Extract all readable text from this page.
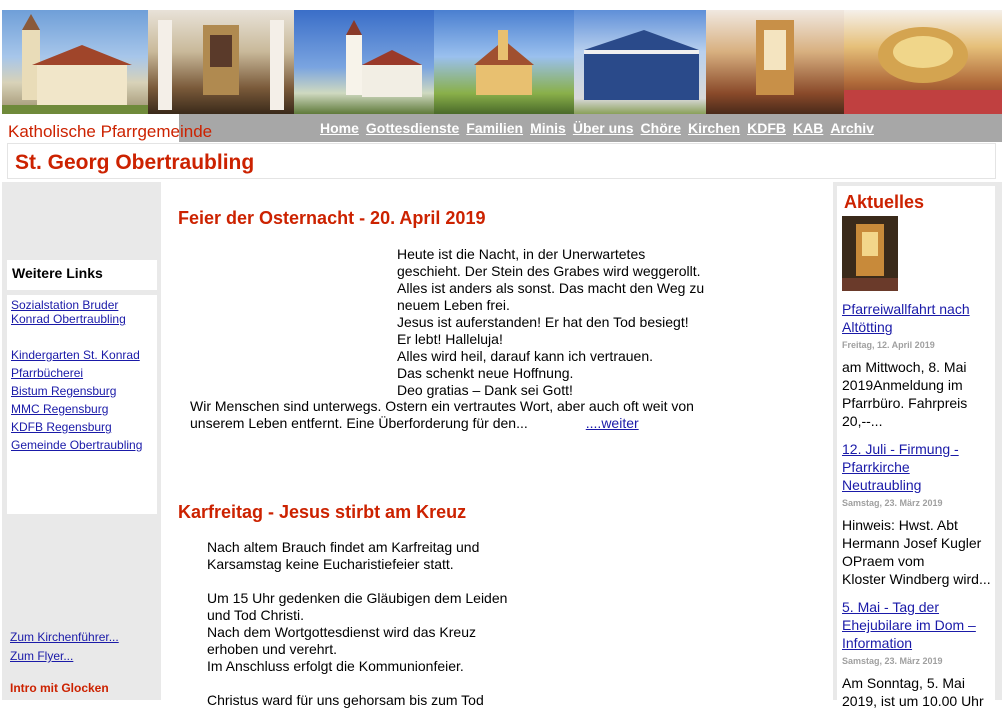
Home Gottesdienste Familien Minis Über uns Chöre Kirchen KDFB KAB Archiv
Katholische Pfarrgemeinde
St. Georg Obertraubling
Weitere Links
Sozialstation Bruder Konrad Obertraubling
Kindergarten St. Konrad
Pfarrbücherei
Bistum Regensburg
MMC Regensburg
KDFB Regensburg
Gemeinde Obertraubling
Zum Kirchenführer...
Zum Flyer...
Intro mit Glocken
Feier der Osternacht - 20. April 2019
Heute ist die Nacht, in der Unerwartetes
geschieht. Der Stein des Grabes wird weggerollt.
Alles ist anders als sonst. Das macht den Weg zu
neuem Leben frei.
Jesus ist auferstanden! Er hat den Tod besiegt!
Er lebt! Halleluja!
Alles wird heil, darauf kann ich vertrauen.
Das schenkt neue Hoffnung.
Deo gratias – Dank sei Gott!
Wir Menschen sind unterwegs. Ostern ein vertrautes Wort, aber auch oft weit von
unserem Leben entfernt. Eine Überforderung für den...	....weiter
Karfreitag - Jesus stirbt am Kreuz
Nach altem Brauch findet am Karfreitag und
Karsamstag keine Eucharistiefeier statt.
Um 15 Uhr gedenken die Gläubigen dem Leiden
und Tod Christi.
Nach dem Wortgottesdienst wird das Kreuz
erhoben und verehrt.
Im Anschluss erfolgt die Kommunionfeier.
Christus ward für uns gehorsam bis zum Tod
Aktuelles
Pfarreiwallfahrt nach Altötting
Freitag, 12. April 2019
am Mittwoch, 8. Mai
2019Anmeldung im
Pfarrbüro. Fahrpreis
20,--...
12. Juli - Firmung - Pfarrkirche Neutraubling
Samstag, 23. März 2019
Hinweis: Hwst. Abt
Hermann Josef Kugler
OPraem vom
Kloster Windberg wird...
5. Mai - Tag der Ehejubilare im Dom – Information
Samstag, 23. März 2019
Am Sonntag, 5. Mai
2019, ist um 10.00 Uhr
